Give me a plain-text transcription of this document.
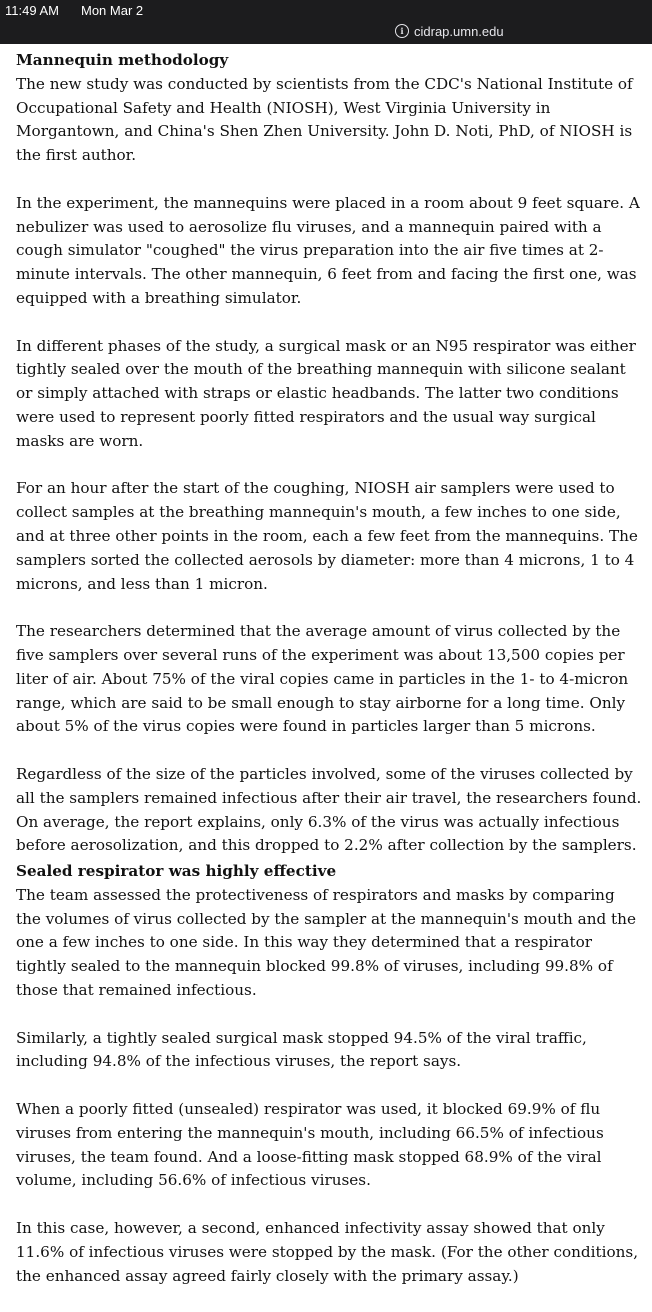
11:49 AM Mon Mar 2
i cidrap.umn.edu
Mannequin methodology

The new study was conducted by scientists from the CDC's National Institute of Occupational Safety and Health (NIOSH), West Virginia University in Morgantown, and China's Shen Zhen University. John D. Noti, PhD, of NIOSH is the first author.

In the experiment, the mannequins were placed in a room about 9 feet square. A nebulizer was used to aerosolize flu viruses, and a mannequin paired with a cough simulator "coughed" the virus preparation into the air five times at 2-minute intervals. The other mannequin, 6 feet from and facing the first one, was equipped with a breathing simulator.

In different phases of the study, a surgical mask or an N95 respirator was either tightly sealed over the mouth of the breathing mannequin with silicone sealant or simply attached with straps or elastic headbands. The latter two conditions were used to represent poorly fitted respirators and the usual way surgical masks are worn.

For an hour after the start of the coughing, NIOSH air samplers were used to collect samples at the breathing mannequin's mouth, a few inches to one side, and at three other points in the room, each a few feet from the mannequins. The samplers sorted the collected aerosols by diameter: more than 4 microns, 1 to 4 microns, and less than 1 micron.

The researchers determined that the average amount of virus collected by the five samplers over several runs of the experiment was about 13,500 copies per liter of air. About 75% of the viral copies came in particles in the 1- to 4-micron range, which are said to be small enough to stay airborne for a long time. Only about 5% of the virus copies were found in particles larger than 5 microns.

Regardless of the size of the particles involved, some of the viruses collected by all the samplers remained infectious after their air travel, the researchers found. On average, the report explains, only 6.3% of the virus was actually infectious before aerosolization, and this dropped to 2.2% after collection by the samplers.

Sealed respirator was highly effective

The team assessed the protectiveness of respirators and masks by comparing the volumes of virus collected by the sampler at the mannequin's mouth and the one a few inches to one side. In this way they determined that a respirator tightly sealed to the mannequin blocked 99.8% of viruses, including 99.8% of those that remained infectious.

Similarly, a tightly sealed surgical mask stopped 94.5% of the viral traffic, including 94.8% of the infectious viruses, the report says.

When a poorly fitted (unsealed) respirator was used, it blocked 69.9% of flu viruses from entering the mannequin's mouth, including 66.5% of infectious viruses, the team found. And a loose-fitting mask stopped 68.9% of the viral volume, including 56.6% of infectious viruses.

In this case, however, a second, enhanced infectivity assay showed that only 11.6% of infectious viruses were stopped by the mask. (For the other conditions, the enhanced assay agreed fairly closely with the primary assay.)
